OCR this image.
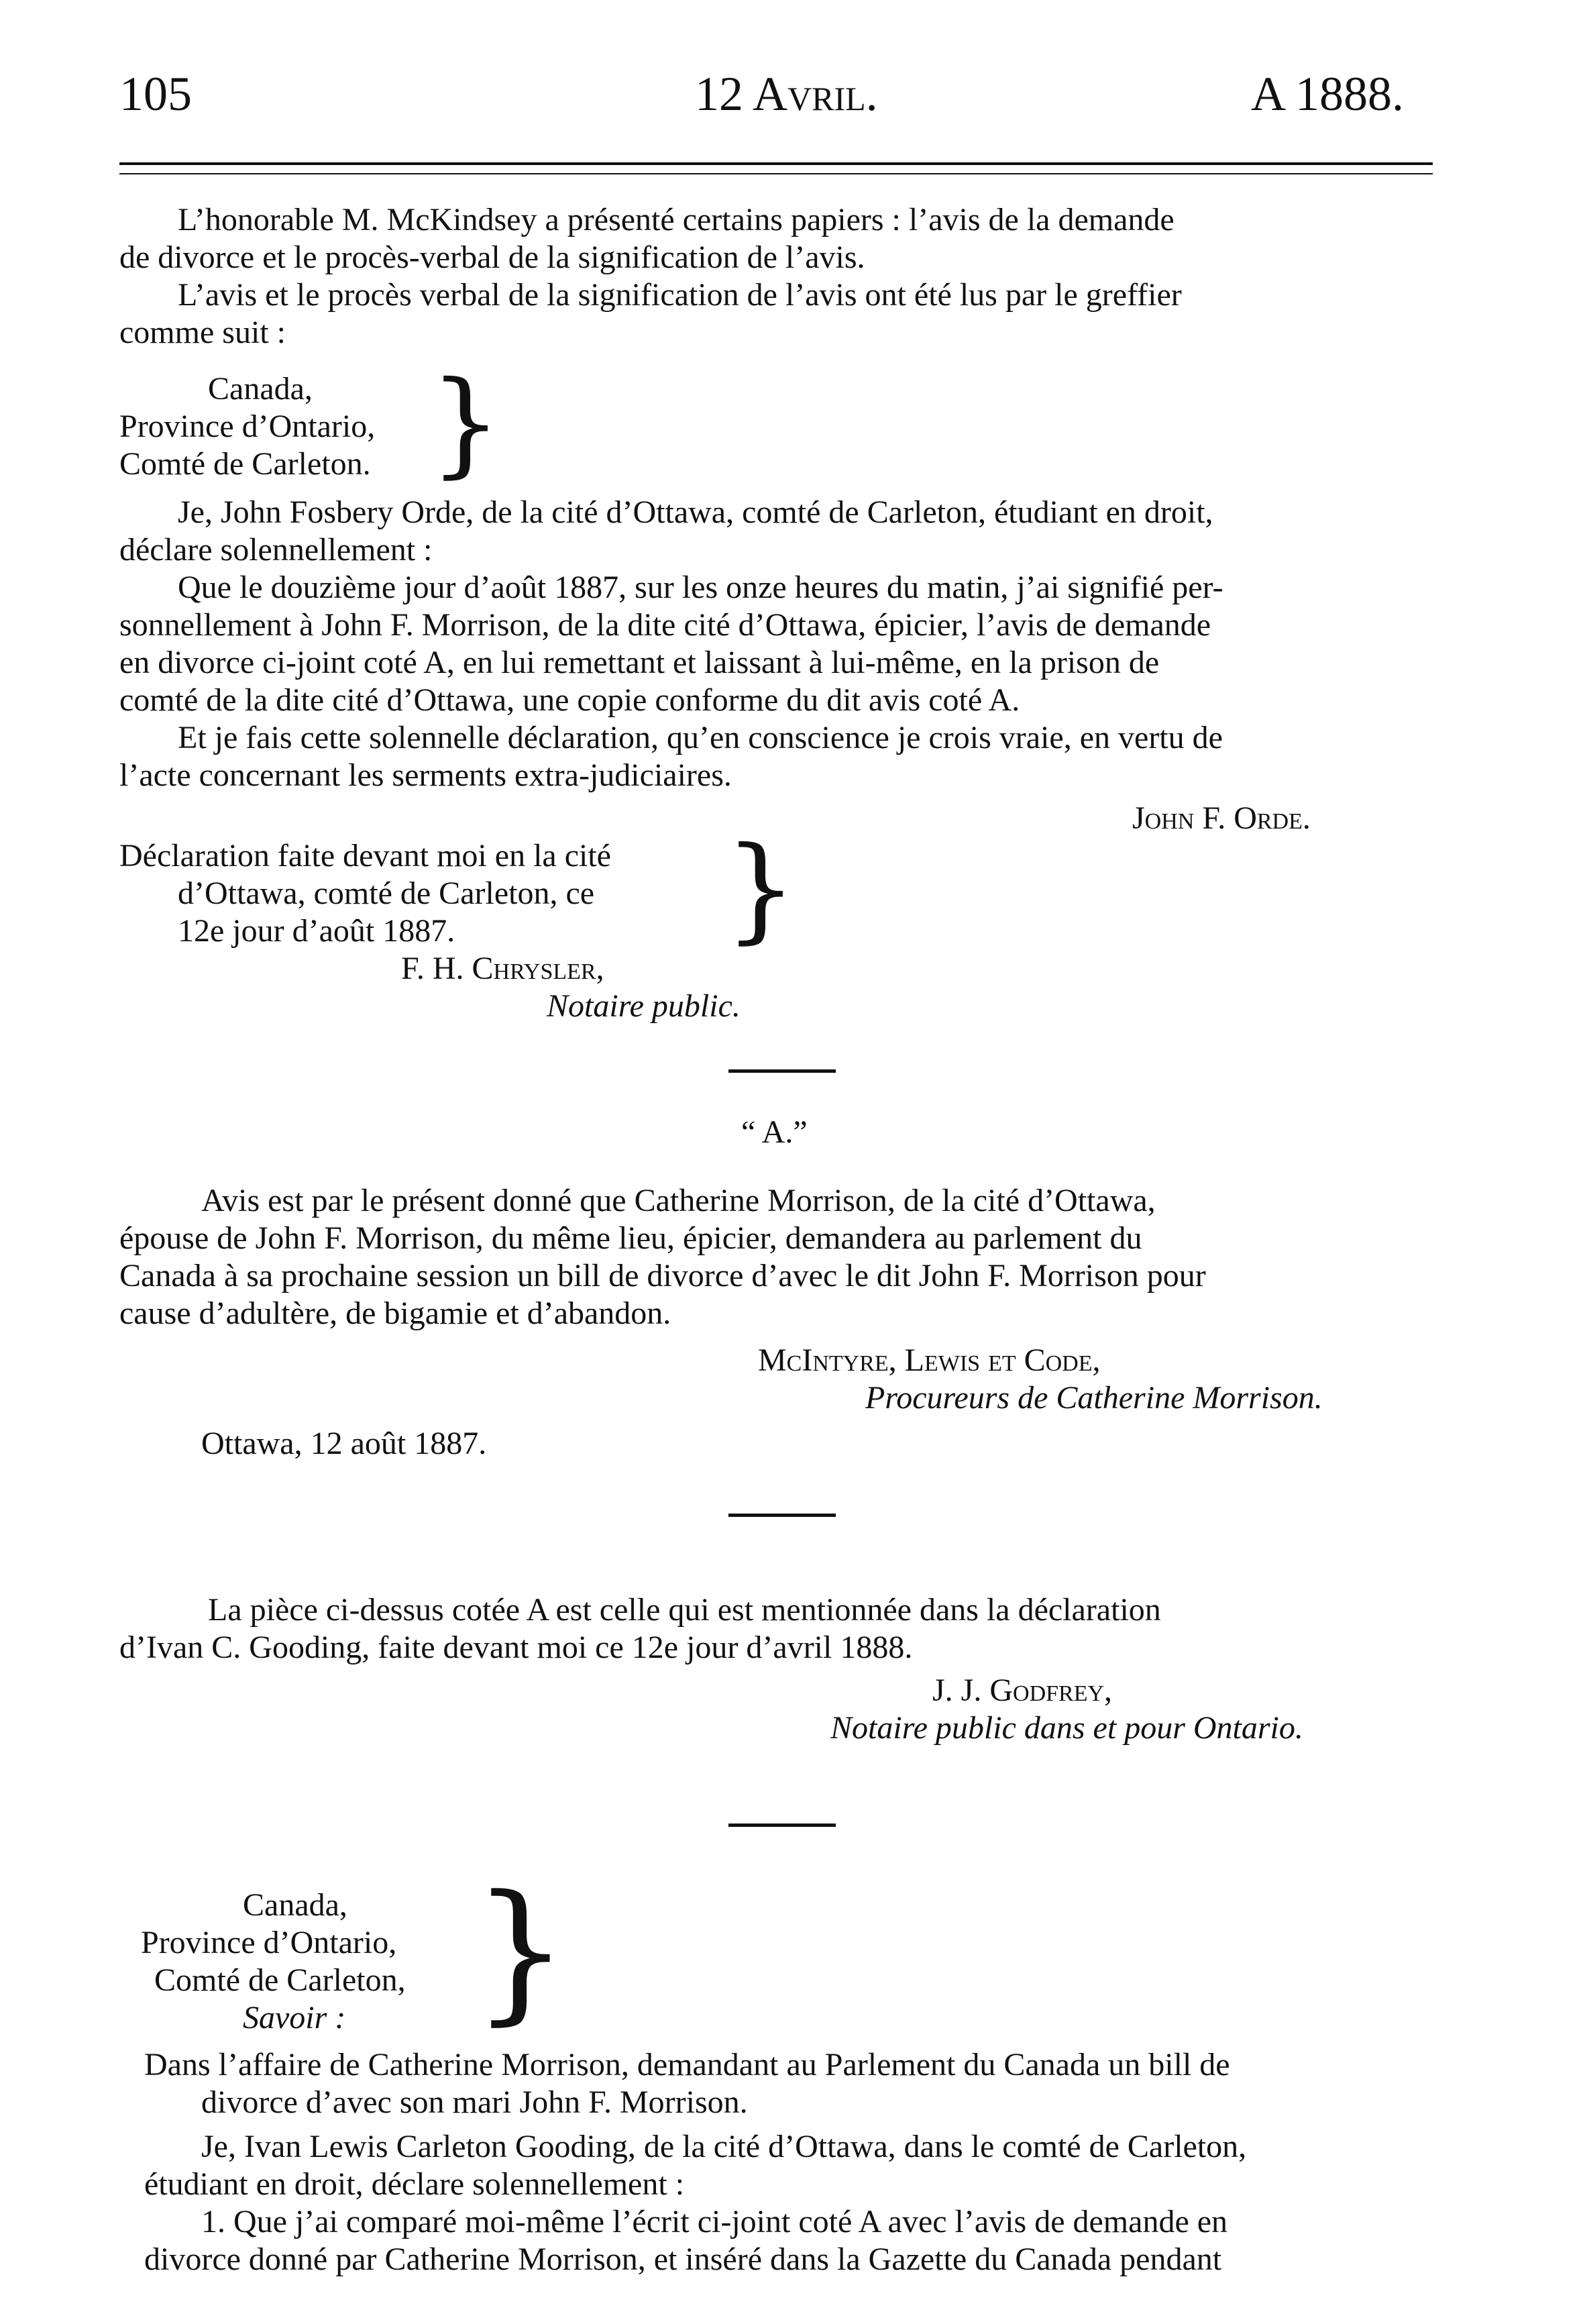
105	12 Avril.	A 1888.
L’honorable M. McKindsey a présenté certains papiers : l’avis de la demande
de divorce et le procès-verbal de la signification de l’avis.
L’avis et le procès verbal de la signification de l’avis ont été lus par le greffier
comme suit :
Canada,
Province d’Ontario,
Comté de Carleton. }
Je, John Fosbery Orde, de la cité d’Ottawa, comté de Carleton, étudiant en droit,
déclare solennellement :
Que le douzième jour d’août 1887, sur les onze heures du matin, j’ai signifié per-
sonnellement à John F. Morrison, de la dite cité d’Ottawa, épicier, l’avis de demande
en divorce ci-joint coté A, en lui remettant et laissant à lui-même, en la prison de
comté de la dite cité d’Ottawa, une copie conforme du dit avis coté A.
Et je fais cette solennelle déclaration, qu’en conscience je crois vraie, en vertu de
l’acte concernant les serments extra-judiciaires.
John F. Orde.
Déclaration faite devant moi en la cité
d’Ottawa, comté de Carleton, ce
12e jour d’août 1887. }
F. H. Chrysler,
Notaire public.
“ A.”
Avis est par le présent donné que Catherine Morrison, de la cité d’Ottawa,
épouse de John F. Morrison, du même lieu, épicier, demandera au parlement du
Canada à sa prochaine session un bill de divorce d’avec le dit John F. Morrison pour
cause d’adultère, de bigamie et d’abandon.
McIntyre, Lewis et Code,
Procureurs de Catherine Morrison.
Ottawa, 12 août 1887.
La pièce ci-dessus cotée A est celle qui est mentionnée dans la déclaration
d’Ivan C. Gooding, faite devant moi ce 12e jour d’avril 1888.
J. J. Godfrey,
Notaire public dans et pour Ontario.
Canada,
Province d’Ontario,
Comté de Carleton,
Savoir : }
Dans l’affaire de Catherine Morrison, demandant au Parlement du Canada un bill de
divorce d’avec son mari John F. Morrison.
Je, Ivan Lewis Carleton Gooding, de la cité d’Ottawa, dans le comté de Carleton,
étudiant en droit, déclare solennellement :
1. Que j’ai comparé moi-même l’écrit ci-joint coté A avec l’avis de demande en
divorce donné par Catherine Morrison, et inséré dans la Gazette du Canada pendant
